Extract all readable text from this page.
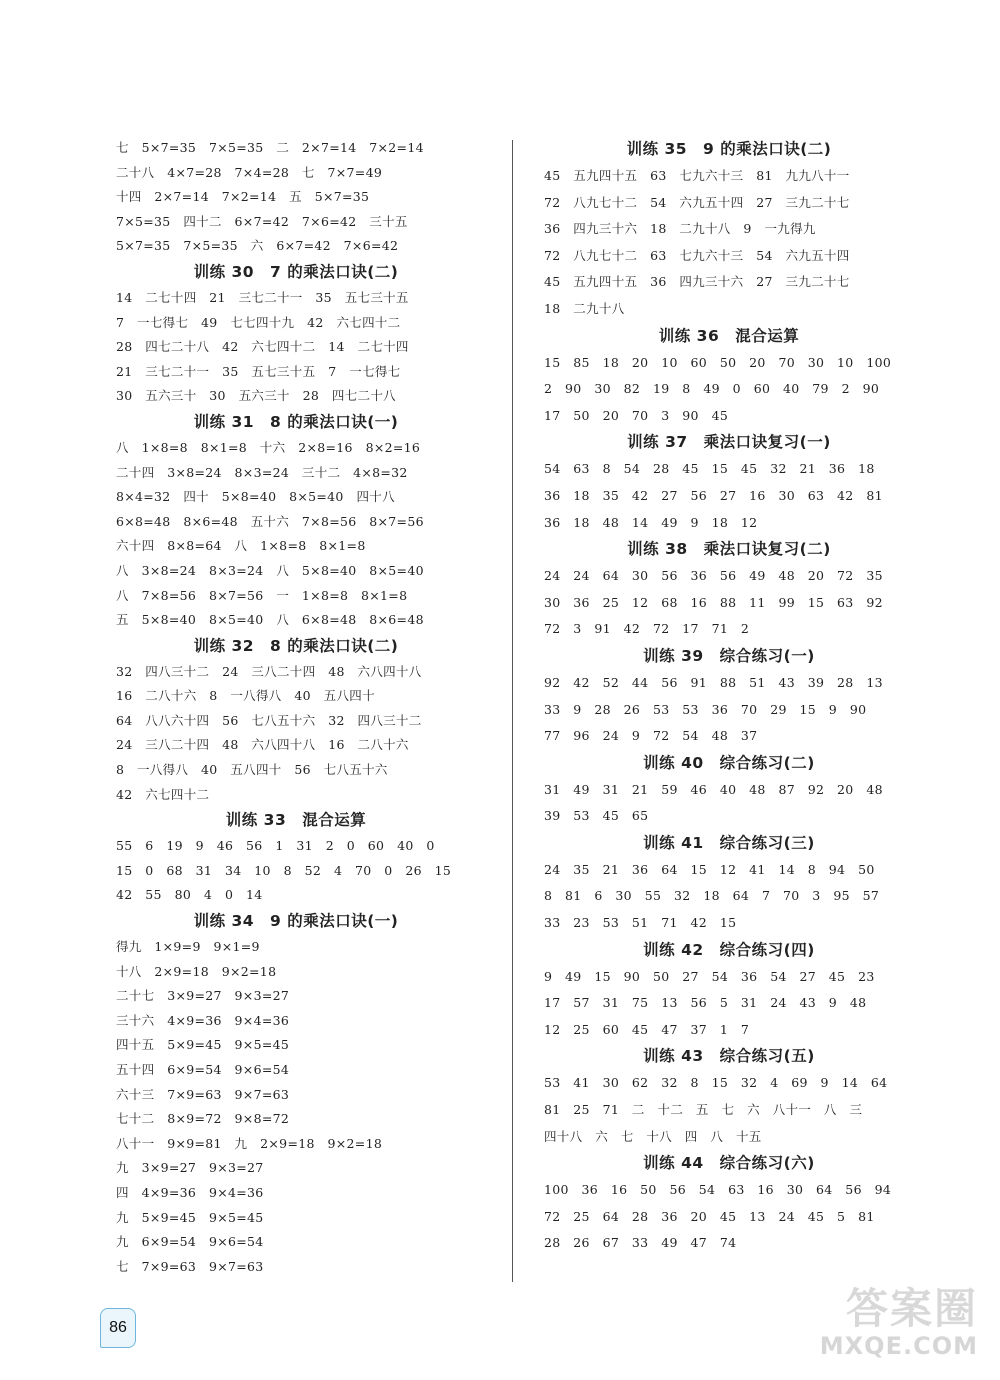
七　5×7=35　7×5=35　二　2×7=14　7×2=14
二十八　4×7=28　7×4=28　七　7×7=49
十四　2×7=14　7×2=14　五　5×7=35
7×5=35　四十二　6×7=42　7×6=42　三十五
5×7=35　7×5=35　六　6×7=42　7×6=42
训练 30　7 的乘法口诀(二)
14　二七十四　21　三七二十一　35　五七三十五
7　一七得七　49　七七四十九　42　六七四十二
28　四七二十八　42　六七四十二　14　二七十四
21　三七二十一　35　五七三十五　7　一七得七
30　五六三十　30　五六三十　28　四七二十八
训练 31　8 的乘法口诀(一)
八　1×8=8　8×1=8　十六　2×8=16　8×2=16
二十四　3×8=24　8×3=24　三十二　4×8=32
8×4=32　四十　5×8=40　8×5=40　四十八
6×8=48　8×6=48　五十六　7×8=56　8×7=56
六十四　8×8=64　八　1×8=8　8×1=8
八　3×8=24　8×3=24　八　5×8=40　8×5=40
八　7×8=56　8×7=56　一　1×8=8　8×1=8
五　5×8=40　8×5=40　八　6×8=48　8×6=48
训练 32　8 的乘法口诀(二)
32　四八三十二　24　三八二十四　48　六八四十八
16　二八十六　8　一八得八　40　五八四十
64　八八六十四　56　七八五十六　32　四八三十二
24　三八二十四　48　六八四十八　16　二八十六
8　一八得八　40　五八四十　56　七八五十六
42　六七四十二
训练 33　混合运算
55　6　19　9　46　56　1　31　2　0　60　40　0
15　0　68　31　34　10　8　52　4　70　0　26　15
42　55　80　4　0　14
训练 34　9 的乘法口诀(一)
得九　1×9=9　9×1=9
十八　2×9=18　9×2=18
二十七　3×9=27　9×3=27
三十六　4×9=36　9×4=36
四十五　5×9=45　9×5=45
五十四　6×9=54　9×6=54
六十三　7×9=63　9×7=63
七十二　8×9=72　9×8=72
八十一　9×9=81　九　2×9=18　9×2=18
九　3×9=27　9×3=27
四　4×9=36　9×4=36
九　5×9=45　9×5=45
九　6×9=54　9×6=54
七　7×9=63　9×7=63
训练 35　9 的乘法口诀(二)
45　五九四十五　63　七九六十三　81　九九八十一
72　八九七十二　54　六九五十四　27　三九二十七
36　四九三十六　18　二九十八　9　一九得九
72　八九七十二　63　七九六十三　54　六九五十四
45　五九四十五　36　四九三十六　27　三九二十七
18　二九十八
训练 36　混合运算
15　85　18　20　10　60　50　20　70　30　10　100
2　90　30　82　19　8　49　0　60　40　79　2　90
17　50　20　70　3　90　45
训练 37　乘法口诀复习(一)
54　63　8　54　28　45　15　45　32　21　36　18
36　18　35　42　27　56　27　16　30　63　42　81
36　18　48　14　49　9　18　12
训练 38　乘法口诀复习(二)
24　24　64　30　56　36　56　49　48　20　72　35
30　36　25　12　68　16　88　11　99　15　63　92
72　3　91　42　72　17　71　2
训练 39　综合练习(一)
92　42　52　44　56　91　88　51　43　39　28　13
33　9　28　26　53　53　36　70　29　15　9　90
77　96　24　9　72　54　48　37
训练 40　综合练习(二)
31　49　31　21　59　46　40　48　87　92　20　48
39　53　45　65
训练 41　综合练习(三)
24　35　21　36　64　15　12　41　14　8　94　50
8　81　6　30　55　32　18　64　7　70　3　95　57
33　23　53　51　71　42　15
训练 42　综合练习(四)
9　49　15　90　50　27　54　36　54　27　45　23
17　57　31　75　13　56　5　31　24　43　9　48
12　25　60　45　47　37　1　7
训练 43　综合练习(五)
53　41　30　62　32　8　15　32　4　69　9　14　64
81　25　71　二　十二　五　七　六　八十一　八　三
四十八　六　七　十八　四　八　十五
训练 44　综合练习(六)
100　36　16　50　56　54　63　16　30　64　56　94
72　25　64　28　36　20　45　13　24　45　5　81
28　26　67　33　49　47　74
86	答案圈
MXQE.COM
